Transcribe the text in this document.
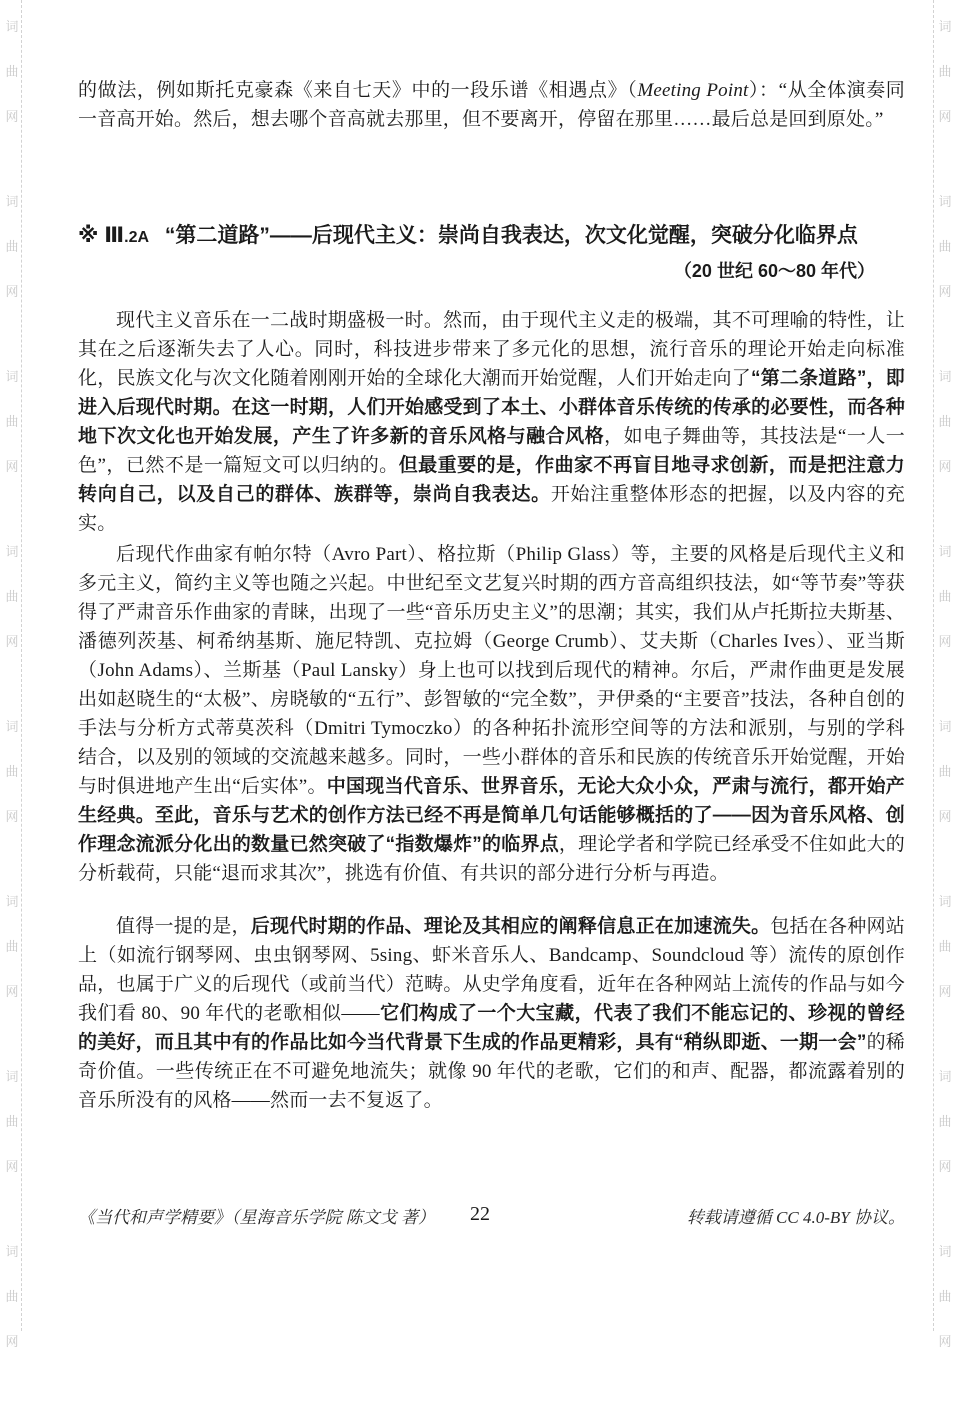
词
曲
网
词
曲
网
词
曲
网
词
曲
网
词
曲
网
词
曲
网
词
曲
网
词
曲
网
词
曲
网
词
曲
网
词
曲
网
词
曲
网
词
曲
网
词
曲
网
词
曲
网
词
曲
网

的做法，例如斯托克豪森《来自七天》中的一段乐谱《相遇点》（Meeting Point）：“从全体演奏同一音高开始。然后，想去哪个音高就去那里，但不要离开，停留在那里……最后总是回到原处。”

※ Ⅲ.2A “第二道路”——后现代主义：崇尚自我表达，次文化觉醒，突破分化临界点
（20 世纪 60～80 年代）

现代主义音乐在一二战时期盛极一时。然而，由于现代主义走的极端，其不可理喻的特性，让其在之后逐渐失去了人心。同时，科技进步带来了多元化的思想，流行音乐的理论开始走向标准化，民族文化与次文化随着刚刚开始的全球化大潮而开始觉醒，人们开始走向了“第二条道路”，即进入后现代时期。在这一时期，人们开始感受到了本土、小群体音乐传统的传承的必要性，而各种地下次文化也开始发展，产生了许多新的音乐风格与融合风格，如电子舞曲等，其技法是“一人一色”，已然不是一篇短文可以归纳的。但最重要的是，作曲家不再盲目地寻求创新，而是把注意力转向自己，以及自己的群体、族群等，崇尚自我表达。开始注重整体形态的把握，以及内容的充实。

后现代作曲家有帕尔特（Avro Part）、格拉斯（Philip Glass）等，主要的风格是后现代主义和多元主义，简约主义等也随之兴起。中世纪至文艺复兴时期的西方音高组织技法，如“等节奏”等获得了严肃音乐作曲家的青睐，出现了一些“音乐历史主义”的思潮；其实，我们从卢托斯拉夫斯基、潘德列茨基、柯希纳基斯、施尼特凯、克拉姆（George Crumb）、艾夫斯（Charles Ives）、亚当斯（John Adams）、兰斯基（Paul Lansky）身上也可以找到后现代的精神。尔后，严肃作曲更是发展出如赵晓生的“太极”、房晓敏的“五行”、彭智敏的“完全数”，尹伊桑的“主要音”技法，各种自创的手法与分析方式蒂莫茨科（Dmitri Tymoczko）的各种拓扑流形空间等的方法和派别，与别的学科结合，以及别的领域的交流越来越多。同时，一些小群体的音乐和民族的传统音乐开始觉醒，开始与时俱进地产生出“后实体”。中国现当代音乐、世界音乐，无论大众小众，严肃与流行，都开始产生经典。至此，音乐与艺术的创作方法已经不再是简单几句话能够概括的了——因为音乐风格、创作理念流派分化出的数量已然突破了“指数爆炸”的临界点，理论学者和学院已经承受不住如此大的分析载荷，只能“退而求其次”，挑选有价值、有共识的部分进行分析与再造。

值得一提的是，后现代时期的作品、理论及其相应的阐释信息正在加速流失。包括在各种网站上（如流行钢琴网、虫虫钢琴网、5sing、虾米音乐人、Bandcamp、Soundcloud 等）流传的原创作品，也属于广义的后现代（或前当代）范畴。从史学角度看，近年在各种网站上流传的作品与如今我们看 80、90 年代的老歌相似——它们构成了一个大宝藏，代表了我们不能忘记的、珍视的曾经的美好，而且其中有的作品比如今当代背景下生成的作品更精彩，具有“稍纵即逝、一期一会”的稀奇价值。一些传统正在不可避免地流失；就像 90 年代的老歌，它们的和声、配器，都流露着别的音乐所没有的风格——然而一去不复返了。

《当代和声学精要》（星海音乐学院 陈文戈 著）	22	转载请遵循 CC 4.0-BY 协议。
